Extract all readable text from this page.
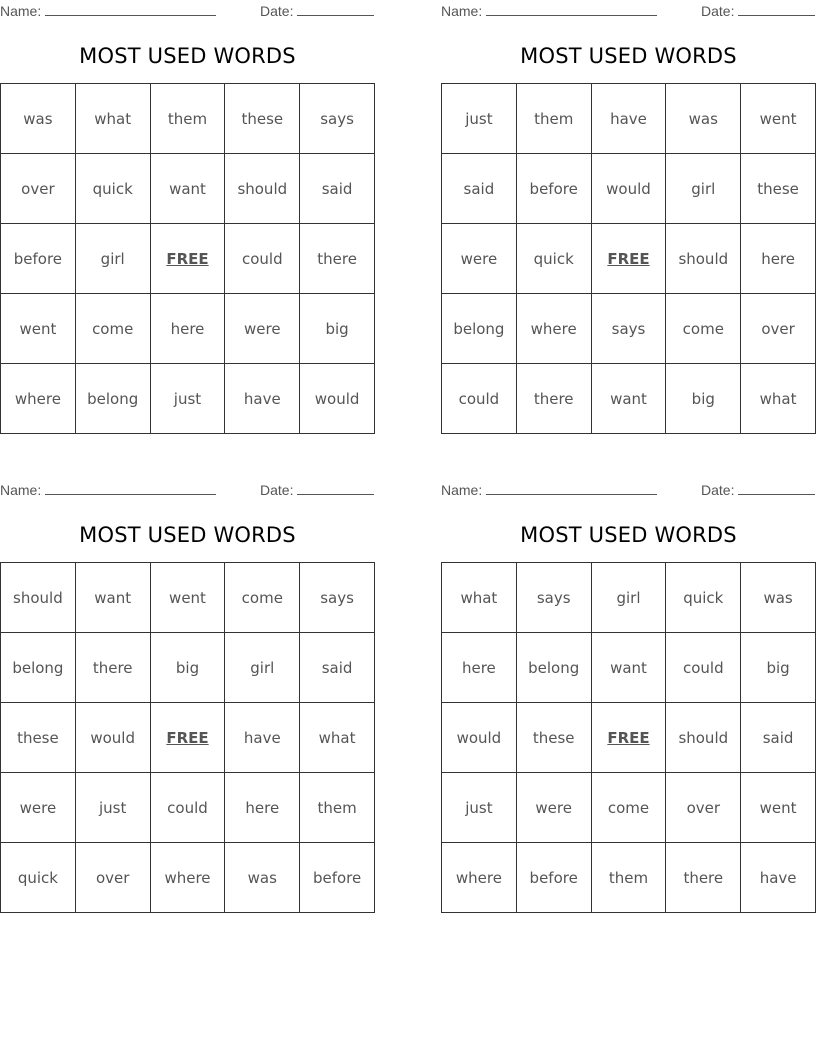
Name:	Date:
MOST USED WORDS
was	what	them	these	says
over	quick	want	should	said
before	girl	FREE	could	there
went	come	here	were	big
where	belong	just	have	would
Name:	Date:
MOST USED WORDS
just	them	have	was	went
said	before	would	girl	these
were	quick	FREE	should	here
belong	where	says	come	over
could	there	want	big	what
Name:	Date:
MOST USED WORDS
should	want	went	come	says
belong	there	big	girl	said
these	would	FREE	have	what
were	just	could	here	them
quick	over	where	was	before
Name:	Date:
MOST USED WORDS
what	says	girl	quick	was
here	belong	want	could	big
would	these	FREE	should	said
just	were	come	over	went
where	before	them	there	have
